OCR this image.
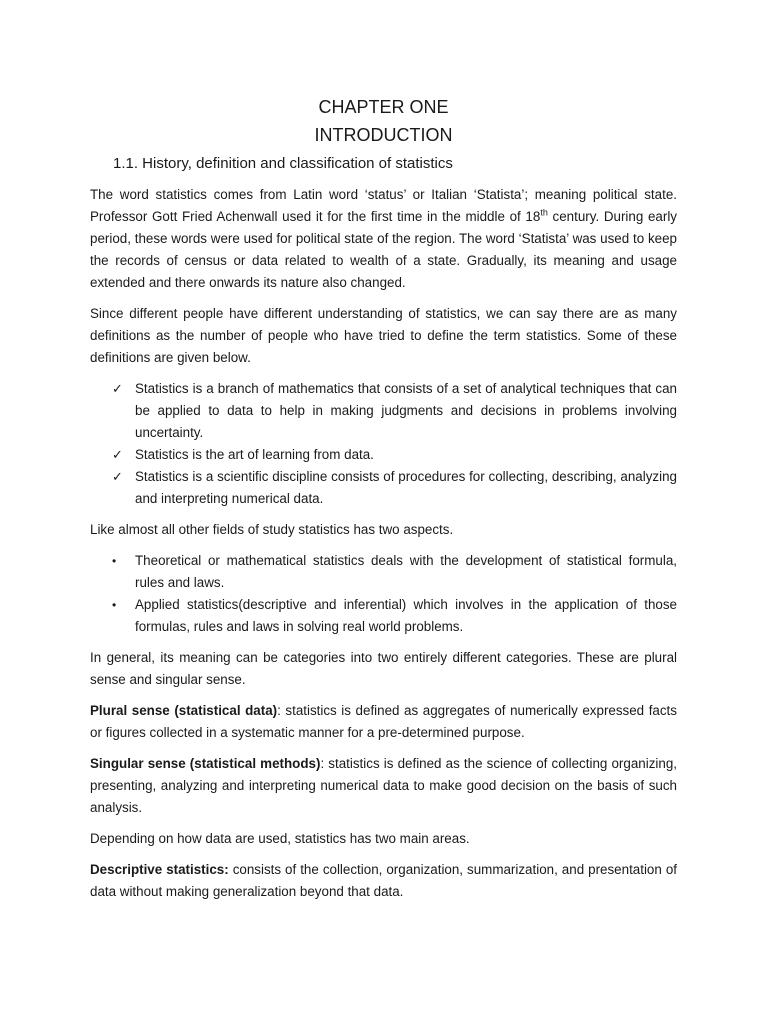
CHAPTER ONE
INTRODUCTION
1.1. History, definition and classification of statistics

The word statistics comes from Latin word ‘status’ or Italian ‘Statista’; meaning political state. Professor Gott Fried Achenwall used it for the first time in the middle of 18th century. During early period, these words were used for political state of the region. The word ‘Statista’ was used to keep the records of census or data related to wealth of a state. Gradually, its meaning and usage extended and there onwards its nature also changed.

Since different people have different understanding of statistics, we can say there are as many definitions as the number of people who have tried to define the term statistics. Some of these definitions are given below.

✓ Statistics is a branch of mathematics that consists of a set of analytical techniques that can be applied to data to help in making judgments and decisions in problems involving uncertainty.
✓ Statistics is the art of learning from data.
✓ Statistics is a scientific discipline consists of procedures for collecting, describing, analyzing and interpreting numerical data.

Like almost all other fields of study statistics has two aspects.

•	Theoretical or mathematical statistics deals with the development of statistical formula, rules and laws.
•	Applied statistics(descriptive and inferential) which involves in the application of those formulas, rules and laws in solving real world problems.

In general, its meaning can be categories into two entirely different categories. These are plural sense and singular sense.

Plural sense (statistical data): statistics is defined as aggregates of numerically expressed facts or figures collected in a systematic manner for a pre-determined purpose.

Singular sense (statistical methods): statistics is defined as the science of collecting organizing, presenting, analyzing and interpreting numerical data to make good decision on the basis of such analysis.

Depending on how data are used, statistics has two main areas.

Descriptive statistics: consists of the collection, organization, summarization, and presentation of data without making generalization beyond that data.
